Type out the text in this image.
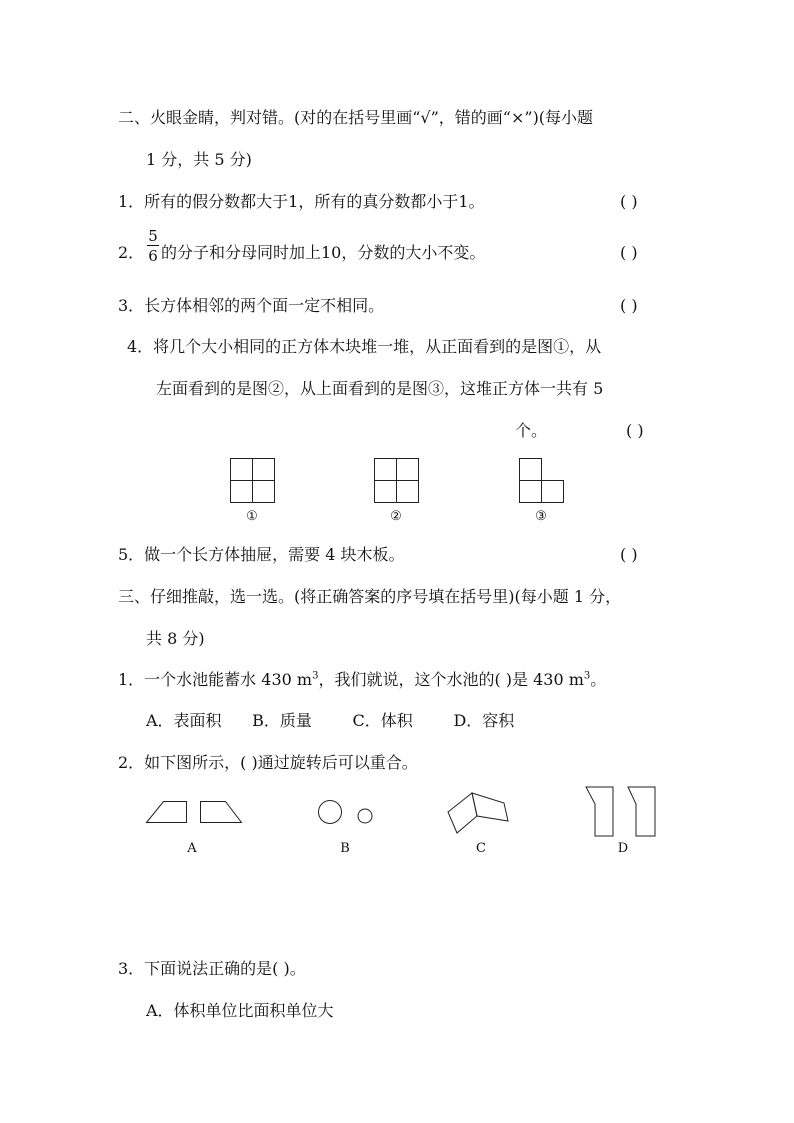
二、火眼金睛，判对错。(对的在括号里画“√”，错的画“×”)(每小题
1 分，共 5 分)
1．所有的假分数都大于1，所有的真分数都小于1。	( )
2．
5
6 的分子和分母同时加上10，分数的大小不变。	( )
3．长方体相邻的两个面一定不相同。	( )
4．将几个大小相同的正方体木块堆一堆，从正面看到的是图①，从
左面看到的是图②，从上面看到的是图③，这堆正方体一共有 5
个。	( )
①	②	③
5．做一个长方体抽屉，需要 4 块木板。	( )
三、仔细推敲，选一选。(将正确答案的序号填在括号里)(每小题 1 分，
共 8 分)
1．一个水池能蓄水 430 $m^3$，我们就说，这个水池的( )是 430 $m^3$。
A．表面积      B．质量        C．体积        D．容积
2．如下图所示，( )通过旋转后可以重合。
A	B	C	D
3．下面说法正确的是( )。
A．体积单位比面积单位大
